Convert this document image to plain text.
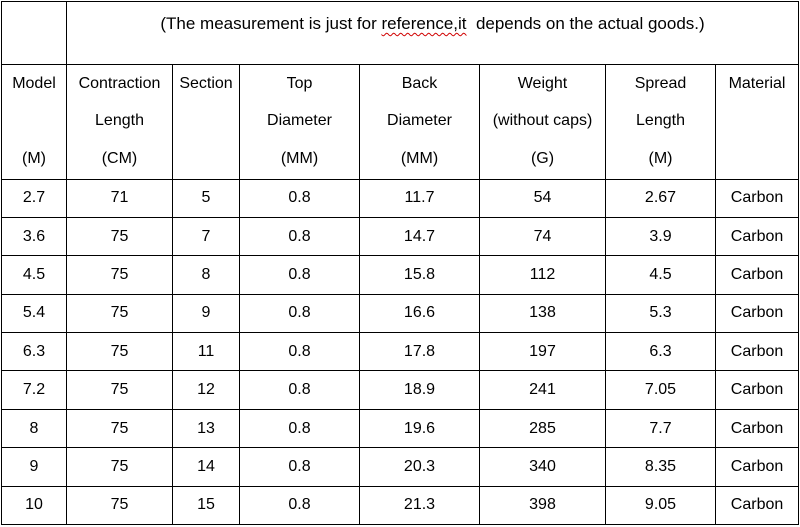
	(The measurement is just for reference,it  depends on the actual goods.)						
Model	Contraction	Section	Top	Back	Weight	Spread	Material
	Length		Diameter	Diameter	(without caps)	Length	
(M)	(CM)		(MM)	(MM)	(G)	(M)	
2.7	71	5	0.8	11.7	54	2.67	Carbon
3.6	75	7	0.8	14.7	74	3.9	Carbon
4.5	75	8	0.8	15.8	112	4.5	Carbon
5.4	75	9	0.8	16.6	138	5.3	Carbon
6.3	75	11	0.8	17.8	197	6.3	Carbon
7.2	75	12	0.8	18.9	241	7.05	Carbon
8	75	13	0.8	19.6	285	7.7	Carbon
9	75	14	0.8	20.3	340	8.35	Carbon
10	75	15	0.8	21.3	398	9.05	Carbon
